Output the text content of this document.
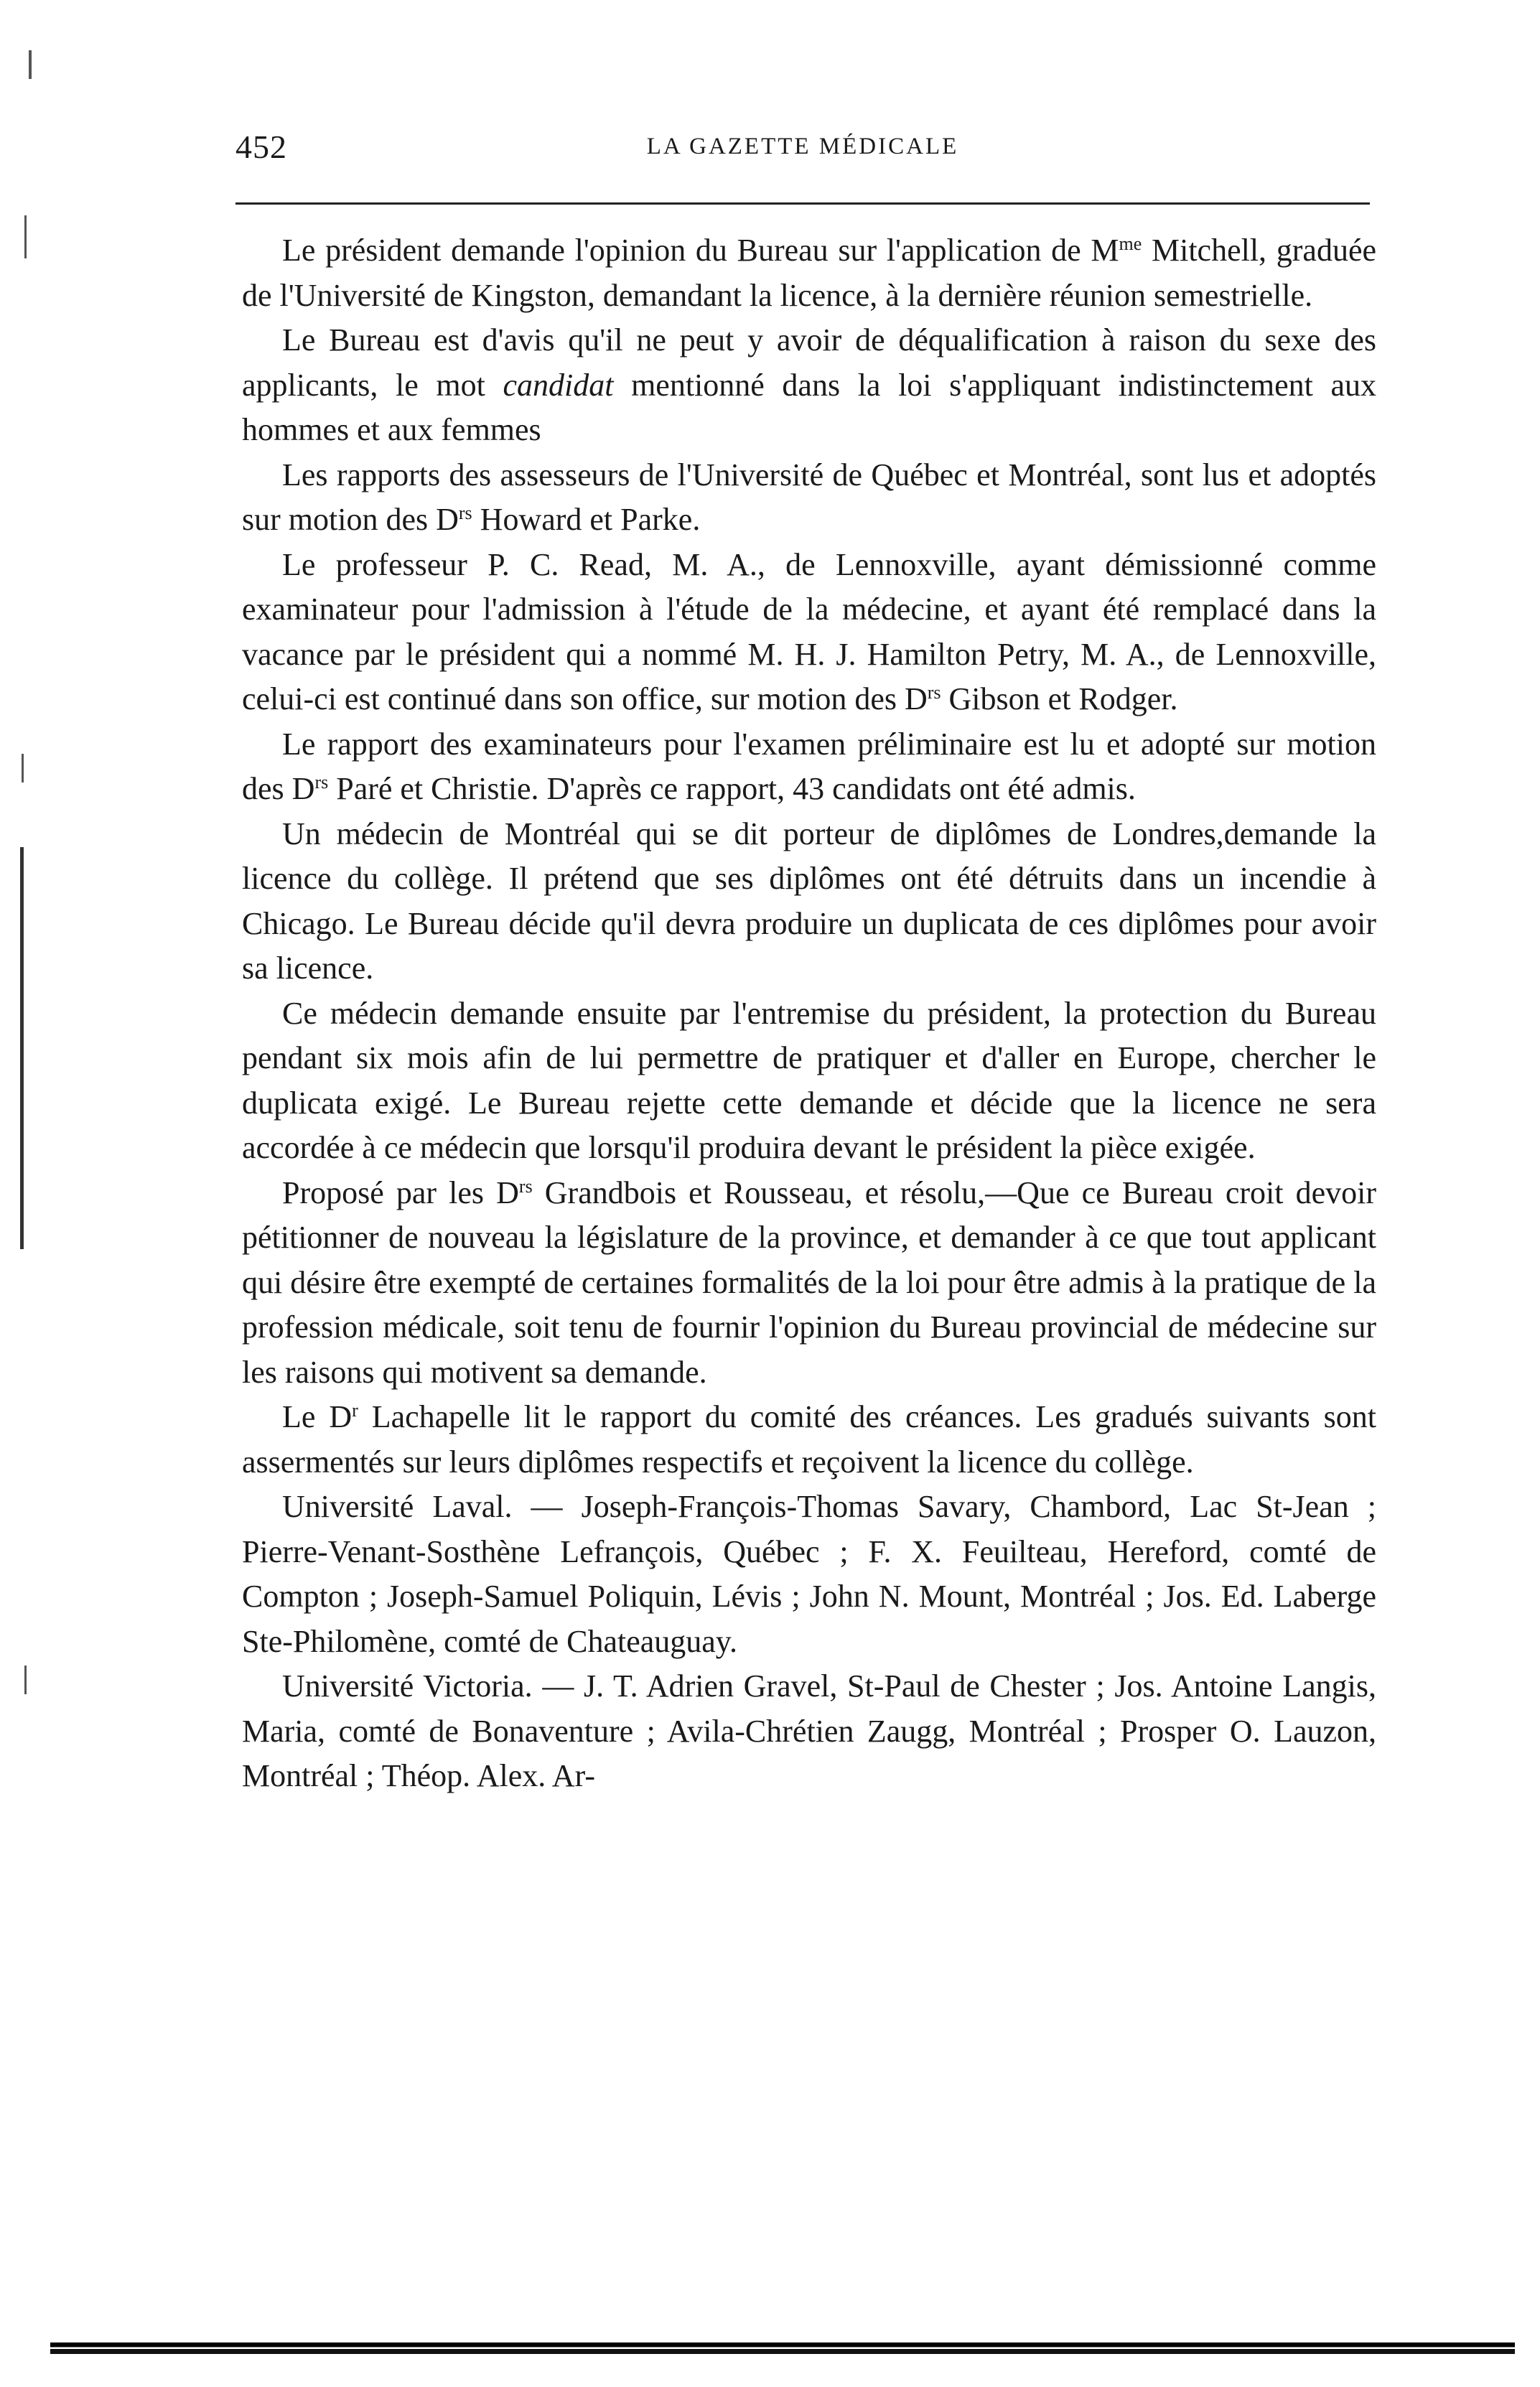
452	LA GAZETTE MÉDICALE

Le président demande l'opinion du Bureau sur l'application de $M^{me}$ Mitchell, graduée de l'Université de Kingston, demandant la licence, à la dernière réunion semestrielle.

Le Bureau est d'avis qu'il ne peut y avoir de déqualification à raison du sexe des applicants, le mot candidat mentionné dans la loi s'appliquant indistinctement aux hommes et aux femmes

Les rapports des assesseurs de l'Université de Québec et Montréal, sont lus et adoptés sur motion des $D^{rs}$ Howard et Parke.

Le professeur P. C. Read, M. A., de Lennoxville, ayant démissionné comme examinateur pour l'admission à l'étude de la médecine, et ayant été remplacé dans la vacance par le président qui a nommé M. H. J. Hamilton Petry, M. A., de Lennoxville, celui-ci est continué dans son office, sur motion des $D^{rs}$ Gibson et Rodger.

Le rapport des examinateurs pour l'examen préliminaire est lu et adopté sur motion des $D^{rs}$ Paré et Christie. D'après ce rapport, 43 candidats ont été admis.

Un médecin de Montréal qui se dit porteur de diplômes de Londres,demande la licence du collège. Il prétend que ses diplômes ont été détruits dans un incendie à Chicago. Le Bureau décide qu'il devra produire un duplicata de ces diplômes pour avoir sa licence.

Ce médecin demande ensuite par l'entremise du président, la protection du Bureau pendant six mois afin de lui permettre de pratiquer et d'aller en Europe, chercher le duplicata exigé. Le Bureau rejette cette demande et décide que la licence ne sera accordée à ce médecin que lorsqu'il produira devant le président la pièce exigée.

Proposé par les $D^{rs}$ Grandbois et Rousseau, et résolu,—Que ce Bureau croit devoir pétitionner de nouveau la législature de la province, et demander à ce que tout applicant qui désire être exempté de certaines formalités de la loi pour être admis à la pratique de la profession médicale, soit tenu de fournir l'opinion du Bureau provincial de médecine sur les raisons qui motivent sa demande.

Le $D^r$ Lachapelle lit le rapport du comité des créances. Les gradués suivants sont assermentés sur leurs diplômes respectifs et reçoivent la licence du collège.

Université Laval. — Joseph-François-Thomas Savary, Chambord, Lac St-Jean ; Pierre-Venant-Sosthène Lefrançois, Québec ; F. X. Feuilteau, Hereford, comté de Compton ; Joseph-Samuel Poliquin, Lévis ; John N. Mount, Montréal ; Jos. Ed. Laberge Ste-Philomène, comté de Chateauguay.

Université Victoria. — J. T. Adrien Gravel, St-Paul de Chester ; Jos. Antoine Langis, Maria, comté de Bonaventure ; Avila-Chrétien Zaugg, Montréal ; Prosper O. Lauzon, Montréal ; Théop. Alex. Ar-
